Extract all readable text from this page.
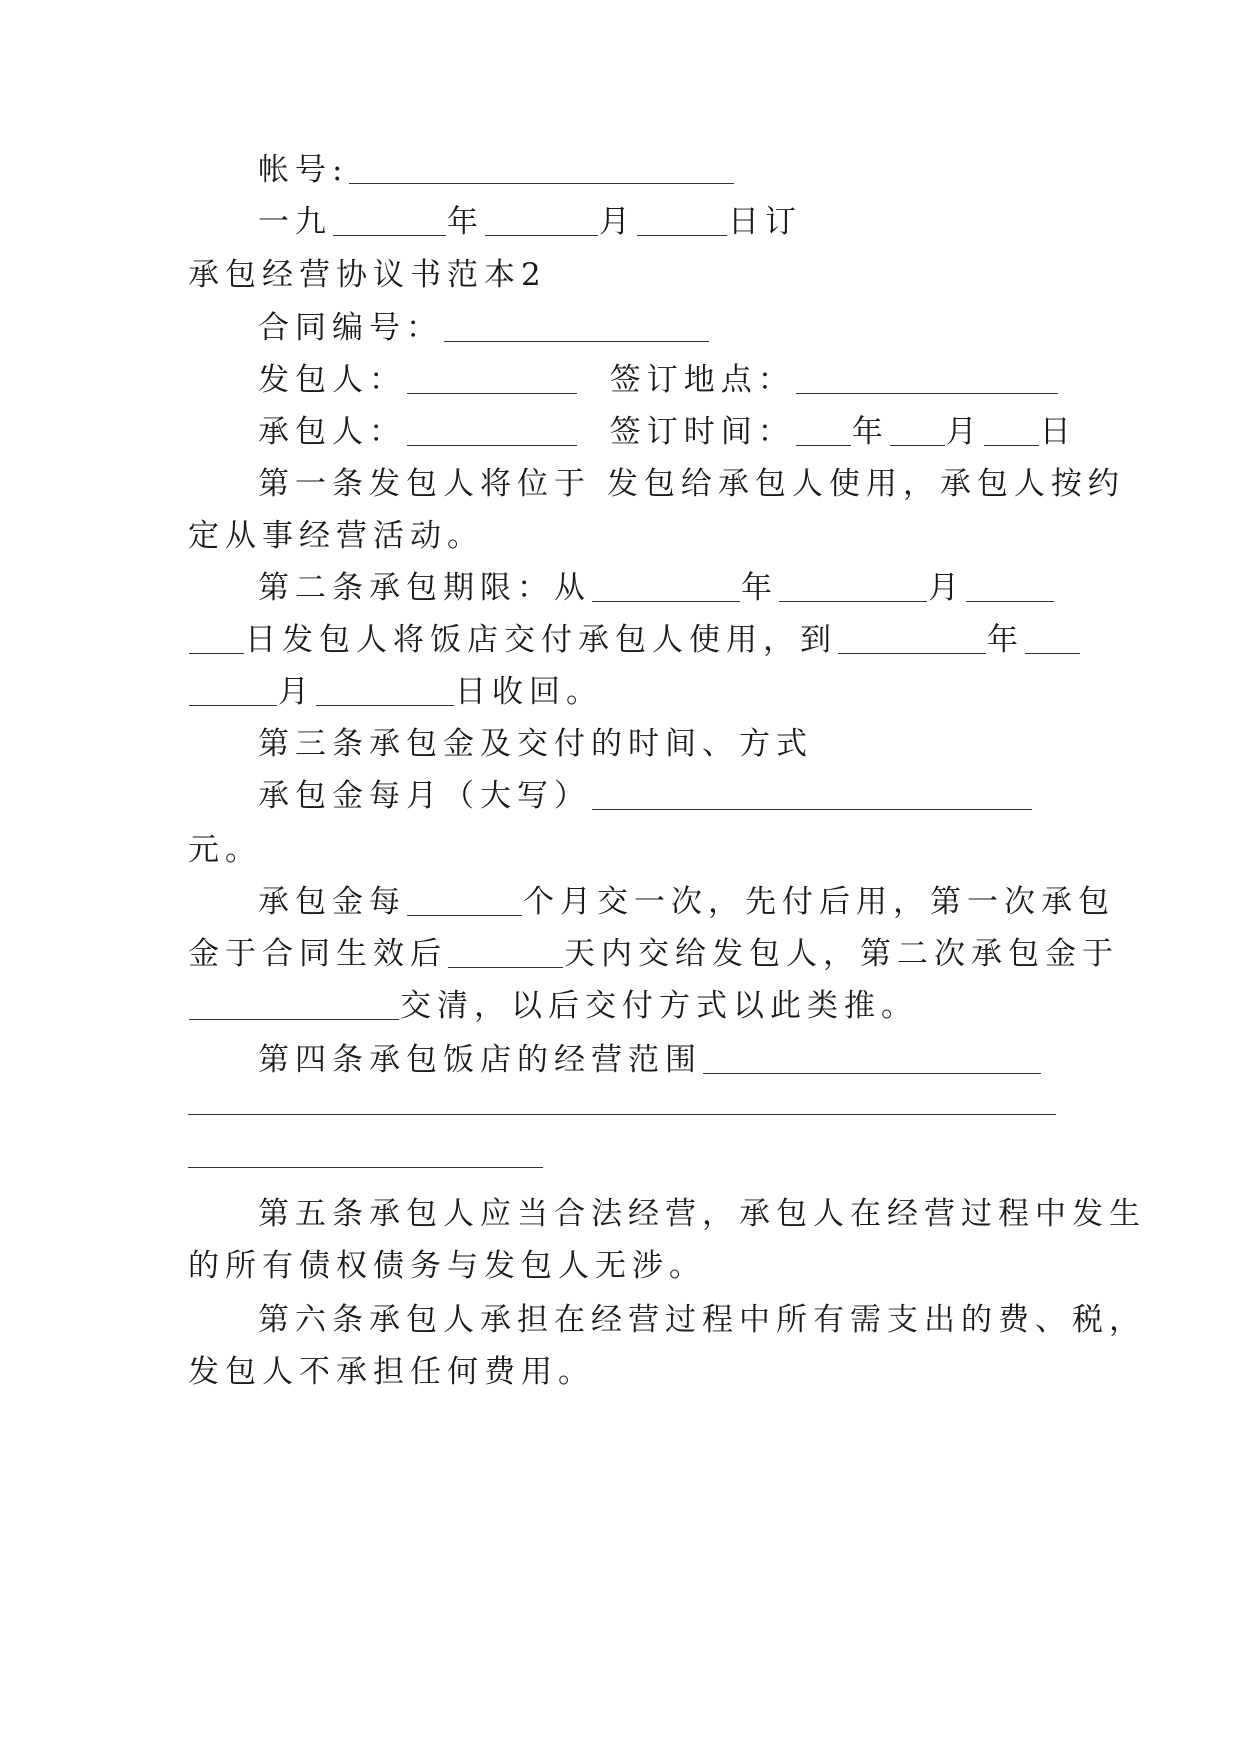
帐号:
一九	年	月	日订
承包经营协议书范本2
合同编号：
发包人：	签订地点：
承包人：	签订时间： 年 月 日
第一条发包人将位于 发包给承包人使用，承包人按约
定从事经营活动。
第二条承包期限：从	年	月
日发包人将饭店交付承包人使用，到	年
月	日收回。
第三条承包金及交付的时间、方式
承包金每月（大写）
元。
承包金每	个月交一次，先付后用，第一次承包
金于合同生效后	天内交给发包人，第二次承包金于
交清，以后交付方式以此类推。
第四条承包饭店的经营范围
第五条承包人应当合法经营，承包人在经营过程中发生
的所有债权债务与发包人无涉。
第六条承包人承担在经营过程中所有需支出的费、税，
发包人不承担任何费用。
